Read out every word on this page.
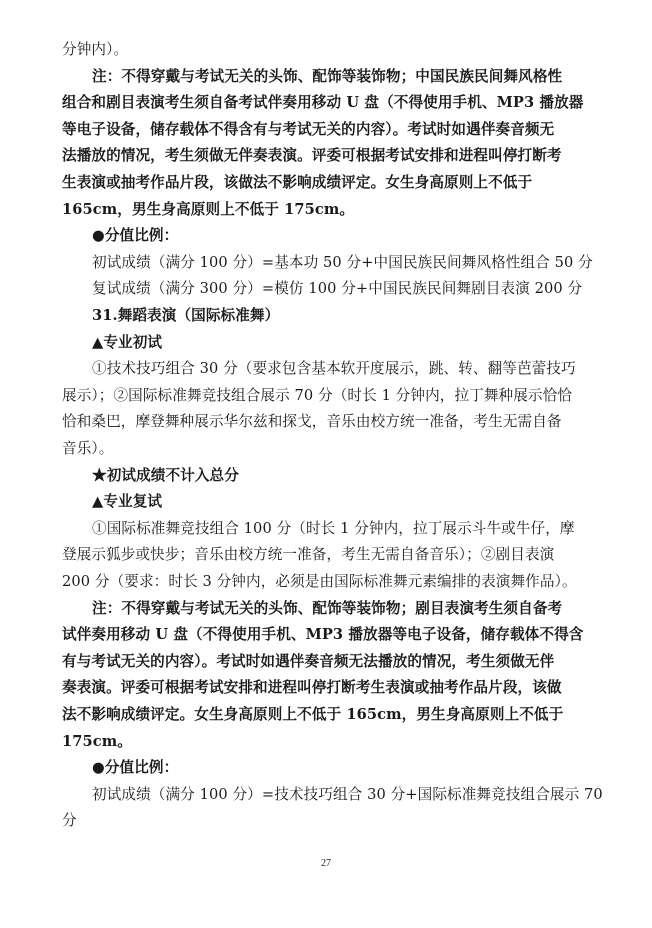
分钟内）。
注：不得穿戴与考试无关的头饰、配饰等装饰物；中国民族民间舞风格性
组合和剧目表演考生须自备考试伴奏用移动 U 盘（不得使用手机、MP3 播放器
等电子设备，储存载体不得含有与考试无关的内容）。考试时如遇伴奏音频无
法播放的情况，考生须做无伴奏表演。评委可根据考试安排和进程叫停打断考
生表演或抽考作品片段，该做法不影响成绩评定。女生身高原则上不低于
165cm，男生身高原则上不低于 175cm。
●分值比例：
初试成绩（满分 100 分）=基本功 50 分+中国民族民间舞风格性组合 50 分
复试成绩（满分 300 分）=模仿 100 分+中国民族民间舞剧目表演 200 分
31.舞蹈表演（国际标准舞）
▲专业初试
①技术技巧组合 30 分（要求包含基本软开度展示，跳、转、翻等芭蕾技巧
展示）；②国际标准舞竞技组合展示 70 分（时长 1 分钟内，拉丁舞种展示恰恰
恰和桑巴，摩登舞种展示华尔兹和探戈，音乐由校方统一准备，考生无需自备
音乐）。
★初试成绩不计入总分
▲专业复试
①国际标准舞竞技组合 100 分（时长 1 分钟内，拉丁展示斗牛或牛仔，摩
登展示狐步或快步；音乐由校方统一准备，考生无需自备音乐）；②剧目表演
200 分（要求：时长 3 分钟内，必须是由国际标准舞元素编排的表演舞作品）。
注：不得穿戴与考试无关的头饰、配饰等装饰物；剧目表演考生须自备考
试伴奏用移动 U 盘（不得使用手机、MP3 播放器等电子设备，储存载体不得含
有与考试无关的内容）。考试时如遇伴奏音频无法播放的情况，考生须做无伴
奏表演。评委可根据考试安排和进程叫停打断考生表演或抽考作品片段，该做
法不影响成绩评定。女生身高原则上不低于 165cm，男生身高原则上不低于
175cm。
27
●分值比例：
初试成绩（满分 100 分）=技术技巧组合 30 分+国际标准舞竞技组合展示 70
分
